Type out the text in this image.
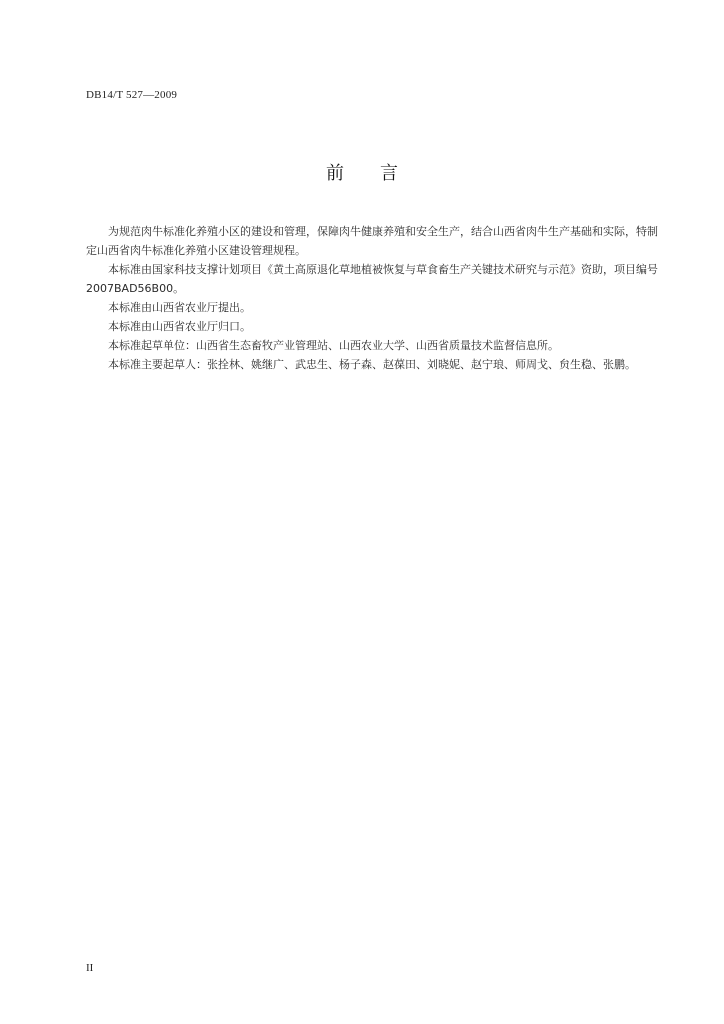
DB14/T 527—2009
前言

为规范肉牛标准化养殖小区的建设和管理，保障肉牛健康养殖和安全生产，结合山西省肉牛生产基础和实际，特制定山西省肉牛标准化养殖小区建设管理规程。

本标准由国家科技支撑计划项目《黄土高原退化草地植被恢复与草食畜生产关键技术研究与示范》资助，项目编号2007BAD56B00。

本标准由山西省农业厅提出。

本标准由山西省农业厅归口。

本标准起草单位：山西省生态畜牧产业管理站、山西农业大学、山西省质量技术监督信息所。

本标准主要起草人：张拴林、姚继广、武忠生、杨子森、赵葆田、刘晓妮、赵宁琅、师周戈、贠生稳、张鹏。

II
